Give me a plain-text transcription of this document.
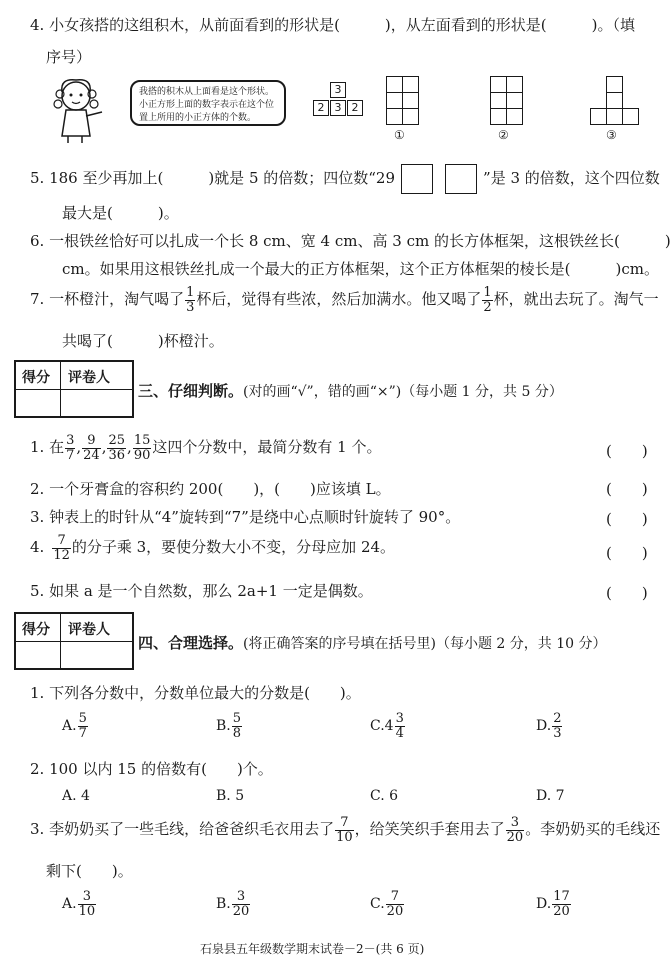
4. 小女孩搭的这组积木，从前面看到的形状是(　　　)，从左面看到的形状是(　　　)。（填
序号）
我搭的积木从上面看是这个形状。
小正方形上面的数字表示在这个位
置上所用的小正方体的个数。
3
2 3 2
①	②	③
5. 186 至少再加上(　　　)就是 5 的倍数；四位数“29	”是 3 的倍数，这个四位数
最大是(　　　)。
6. 一根铁丝恰好可以扎成一个长 8 cm、宽 4 cm、高 3 cm 的长方体框架，这根铁丝长(　　　)
cm。如果用这根铁丝扎成一个最大的正方体框架，这个正方体框架的棱长是(　　　)cm。
7. 一杯橙汁，淘气喝了 $\frac{1}{3}$ 杯后，觉得有些浓，然后加满水。他又喝了 $\frac{1}{2}$ 杯，就出去玩了。淘气一
共喝了(　　　)杯橙汁。
得分 评卷人
三、仔细判断。(对的画“√”，错的画“×”)（每小题 1 分，共 5 分）
1. 在 $\frac{3}{7}$ , $\frac{9}{24}$ , $\frac{25}{36}$ , $\frac{15}{90}$ 这四个分数中，最简分数有 1 个。	(　　)
2. 一个牙膏盒的容积约 200(　　)，(　　)应该填 L。	(　　)
3. 钟表上的时针从“4”旋转到“7”是绕中心点顺时针旋转了 90°。	(　　)
4. $\frac{7}{12}$ 的分子乘 3，要使分数大小不变，分母应加 24。	(　　)
5. 如果 a 是一个自然数，那么 2a+1 一定是偶数。	(　　)
得分 评卷人
四、合理选择。(将正确答案的序号填在括号里)（每小题 2 分，共 10 分）
1. 下列各分数中，分数单位最大的分数是(　　)。
A. $\frac{5}{7}$	B. $\frac{5}{8}$	$C.4 \frac{3}{4}$	D. $\frac{2}{3}$
2. 100 以内 15 的倍数有(　　)个。
A. 4	B. 5	C. 6	D. 7
3. 李奶奶买了一些毛线，给爸爸织毛衣用去了 $\frac{7}{10}$ ，给笑笑织手套用去了 $\frac{3}{20}$ 。李奶奶买的毛线还
剩下(　　)。
A. $\frac{3}{10}$	B. $\frac{3}{20}$	C. $\frac{7}{20}$	D. $\frac{17}{20}$
石泉县五年级数学期末试卷－2－(共 6 页)
